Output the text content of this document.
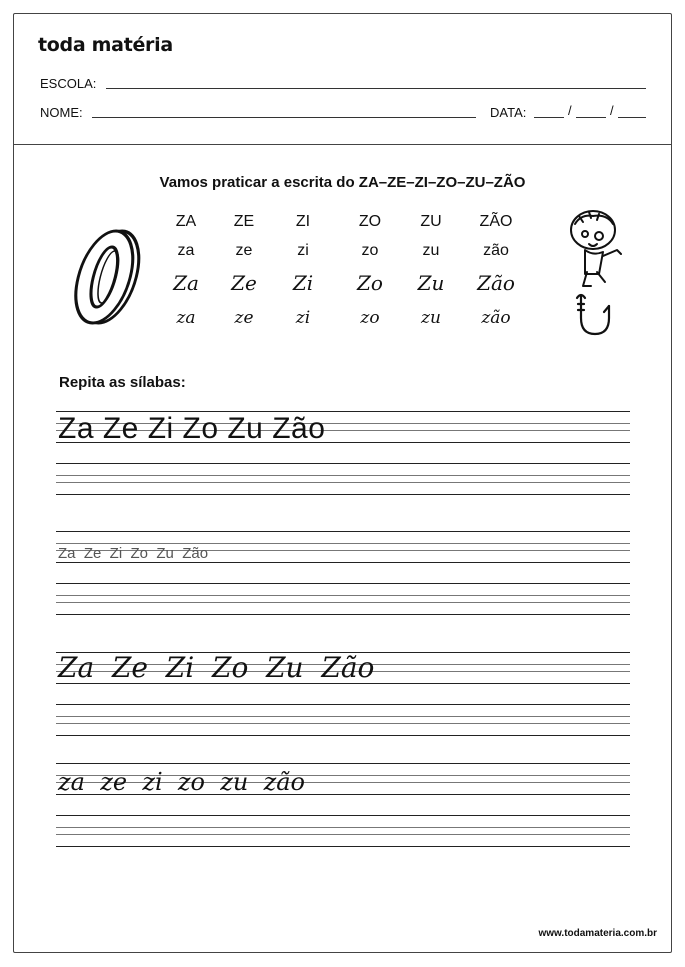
toda matéria
ESCOLA:
NOME:	DATA:	/	/
Vamos praticar a escrita do ZA–ZE–ZI–ZO–ZU–ZÃO
ZA	ZE	ZI	ZO	ZU	ZÃO
za	ze	zi	zo	zu	zão
Za	Ze	Zi	Zo	Zu	Zão
za	ze	zi	zo	zu	zão
Repita as sílabas:
Za Ze Zi Zo Zu Zão
Za  Ze  Zi  Zo  Zu  Zão
Za  Ze  Zi  Zo  Zu  Zão
za  ze  zi  zo  zu  zão
www.todamateria.com.br
